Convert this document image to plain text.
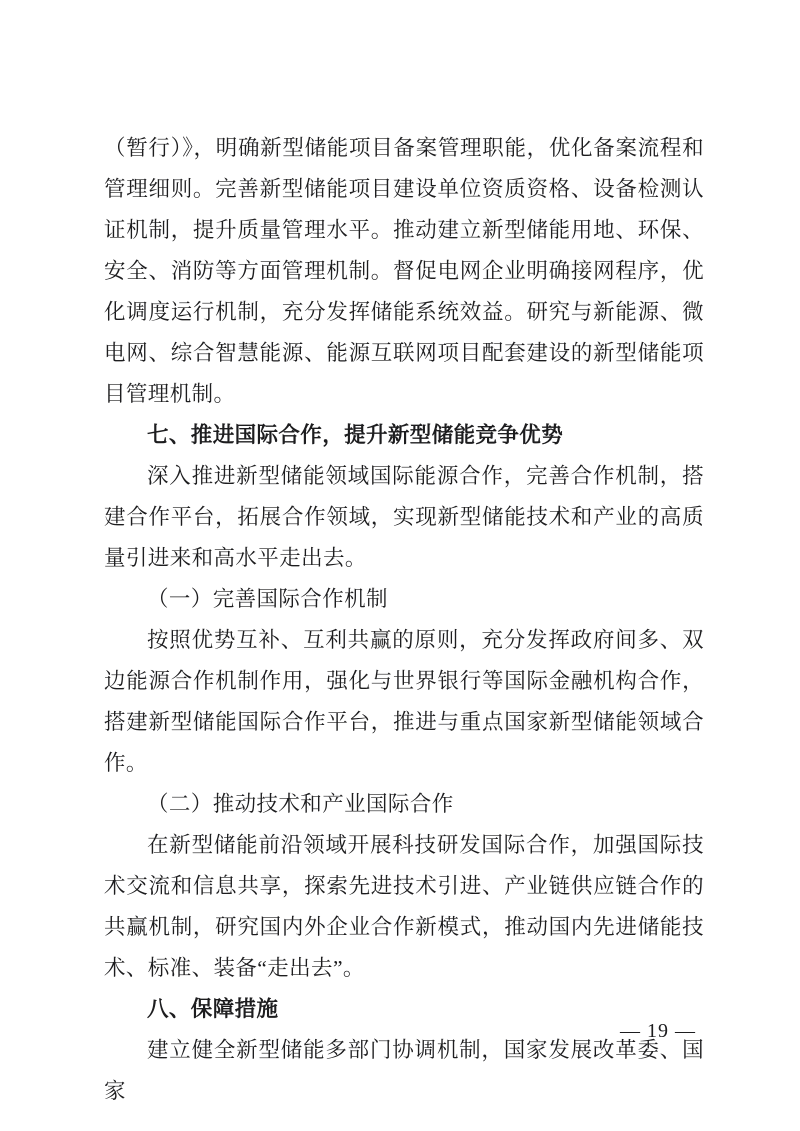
（暂行）》，明确新型储能项目备案管理职能，优化备案流程和管理细则。完善新型储能项目建设单位资质资格、设备检测认证机制，提升质量管理水平。推动建立新型储能用地、环保、安全、消防等方面管理机制。督促电网企业明确接网程序，优化调度运行机制，充分发挥储能系统效益。研究与新能源、微电网、综合智慧能源、能源互联网项目配套建设的新型储能项目管理机制。

七、推进国际合作，提升新型储能竞争优势

深入推进新型储能领域国际能源合作，完善合作机制，搭建合作平台，拓展合作领域，实现新型储能技术和产业的高质量引进来和高水平走出去。

（一）完善国际合作机制

按照优势互补、互利共赢的原则，充分发挥政府间多、双边能源合作机制作用，强化与世界银行等国际金融机构合作，搭建新型储能国际合作平台，推进与重点国家新型储能领域合作。

（二）推动技术和产业国际合作

在新型储能前沿领域开展科技研发国际合作，加强国际技术交流和信息共享，探索先进技术引进、产业链供应链合作的共赢机制，研究国内外企业合作新模式，推动国内先进储能技术、标准、装备“走出去”。

八、保障措施

建立健全新型储能多部门协调机制，国家发展改革委、国家

— 19 —
